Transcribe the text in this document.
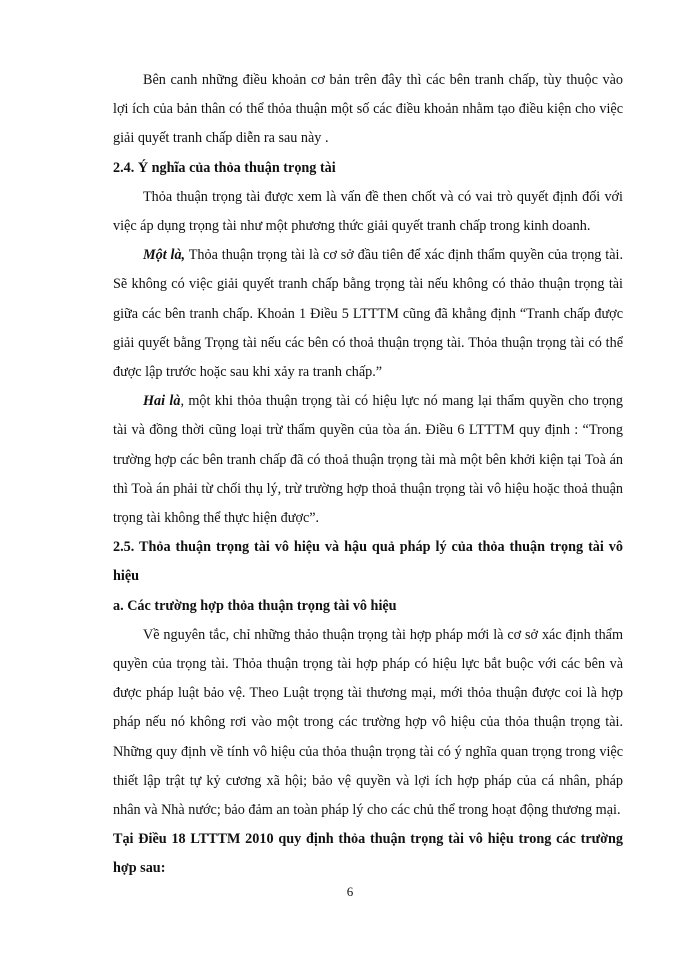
Bên canh những điều khoản cơ bản trên đây thì các bên tranh chấp, tùy thuộc vào lợi ích của bản thân có thể thỏa thuận một số các điều khoản nhằm tạo điều kiện cho việc giải quyết tranh chấp diễn ra sau này .

2.4. Ý nghĩa của thỏa thuận trọng tài

Thỏa thuận trọng tài được xem là vấn đề then chốt và có vai trò quyết định đối với việc áp dụng trọng tài như một phương thức giải quyết tranh chấp trong kinh doanh.

Một là, Thỏa thuận trọng tài là cơ sở đầu tiên để xác định thẩm quyền của trọng tài. Sẽ không có việc giải quyết tranh chấp bằng trọng tài nếu không có thảo thuận trọng tài giữa các bên tranh chấp. Khoản 1 Điều 5 LTTTM cũng đã khẳng định “Tranh chấp được giải quyết bằng Trọng tài nếu các bên có thoả thuận trọng tài. Thỏa thuận trọng tài có thể được lập trước hoặc sau khi xảy ra tranh chấp.”

Hai là, một khi thỏa thuận trọng tài có hiệu lực nó mang lại thẩm quyền cho trọng tài và đồng thời cũng loại trừ thẩm quyền của tòa án. Điều 6 LTTTM quy định : “Trong trường hợp các bên tranh chấp đã có thoả thuận trọng tài mà một bên khởi kiện tại Toà án thì Toà án phải từ chối thụ lý, trừ trường hợp thoả thuận trọng tài vô hiệu hoặc thoả thuận trọng tài không thể thực hiện được”.

2.5. Thỏa thuận trọng tài vô hiệu và hậu quả pháp lý của thỏa thuận trọng tài vô hiệu

a. Các trường hợp thỏa thuận trọng tài vô hiệu

Về nguyên tắc, chỉ những thảo thuận trọng tài hợp pháp mới là cơ sở xác định thẩm quyền của trọng tài. Thỏa thuận trọng tài hợp pháp có hiệu lực bắt buộc với các bên và được pháp luật bảo vệ. Theo Luật trọng tài thương mại, mới thỏa thuận được coi là hợp pháp nếu nó không rơi vào một trong các trường hợp vô hiệu của thỏa thuận trọng tài. Những quy định về tính vô hiệu của thỏa thuận trọng tài có ý nghĩa quan trọng trong việc thiết lập trật tự kỷ cương xã hội; bảo vệ quyền và lợi ích hợp pháp của cá nhân, pháp nhân và Nhà nước; bảo đảm an toàn pháp lý cho các chủ thể trong hoạt động thương mại.

Tại Điều 18 LTTTM 2010 quy định thỏa thuận trọng tài vô hiệu trong các trường hợp sau:

6
